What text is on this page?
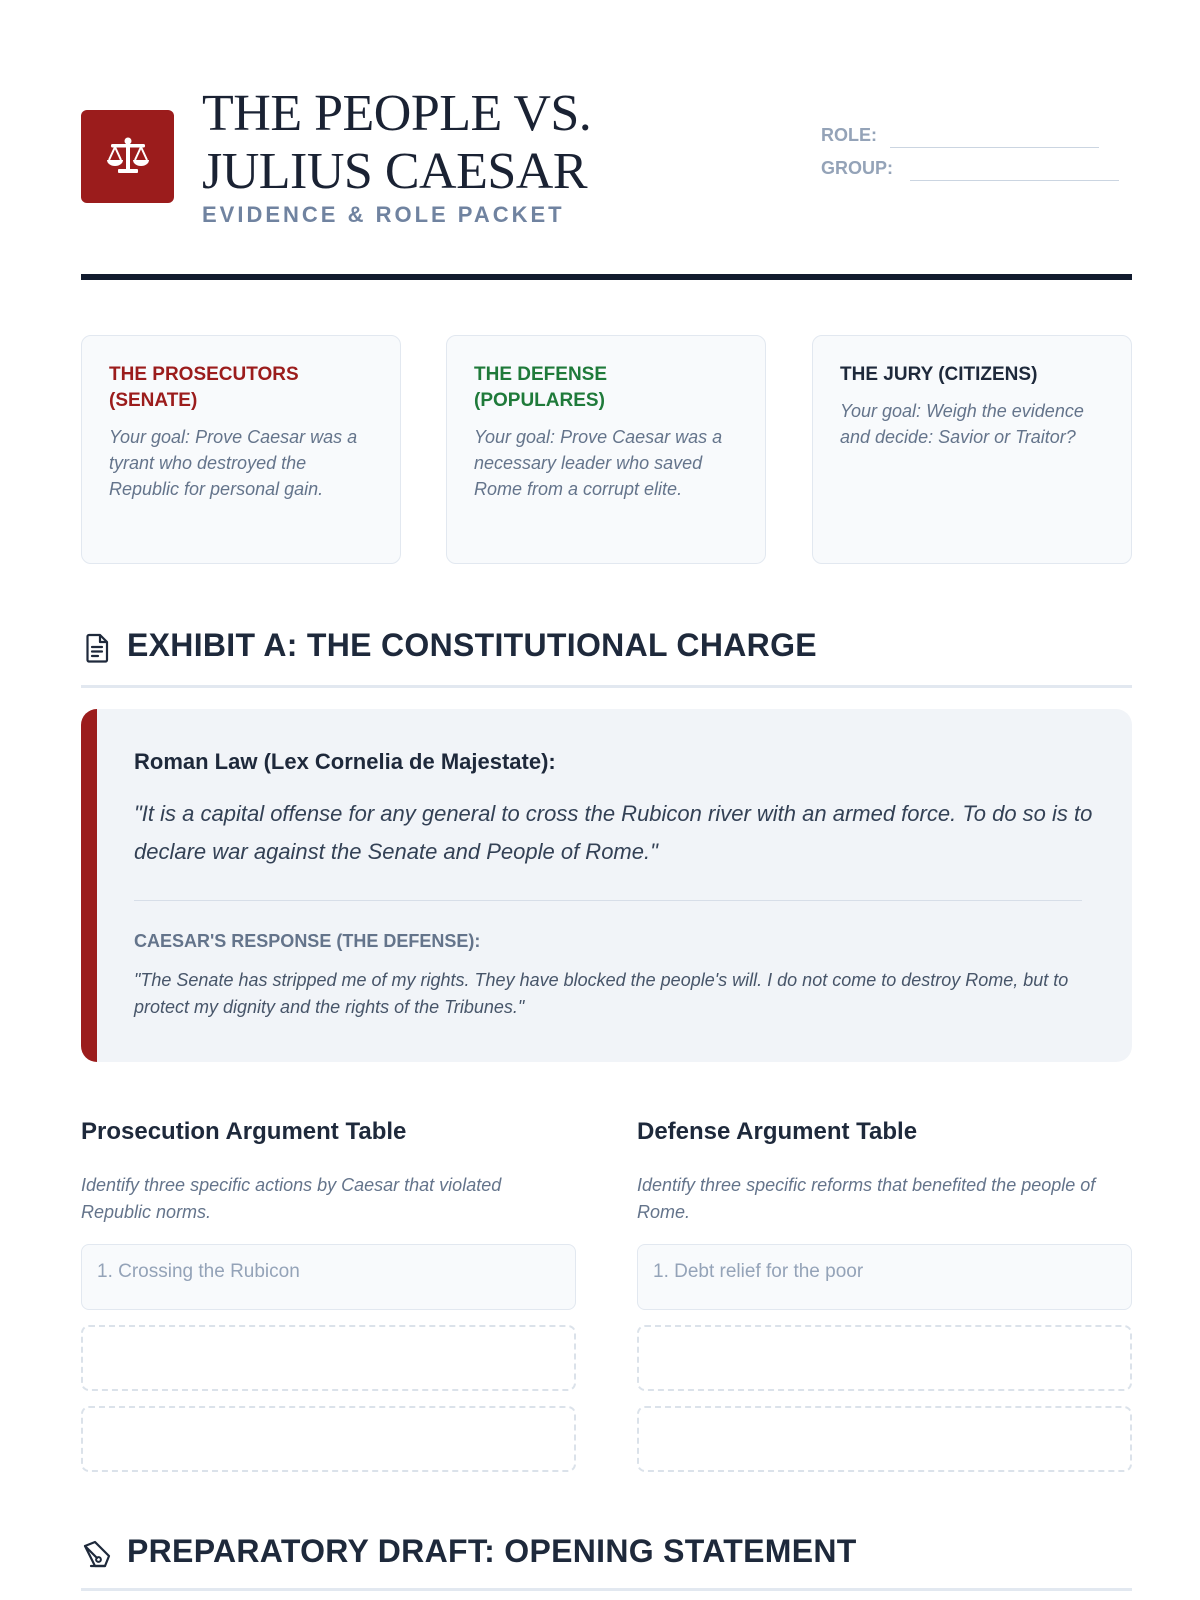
THE PEOPLE VS. JULIUS CAESAR
EVIDENCE & ROLE PACKET
ROLE:
GROUP:
THE PROSECUTORS (SENATE)
Your goal: Prove Caesar was a tyrant who destroyed the Republic for personal gain.
THE DEFENSE (POPULARES)
Your goal: Prove Caesar was a necessary leader who saved Rome from a corrupt elite.
THE JURY (CITIZENS)
Your goal: Weigh the evidence and decide: Savior or Traitor?
EXHIBIT A: THE CONSTITUTIONAL CHARGE
Roman Law (Lex Cornelia de Majestate):
"It is a capital offense for any general to cross the Rubicon river with an armed force. To do so is to declare war against the Senate and People of Rome."
CAESAR'S RESPONSE (THE DEFENSE):
"The Senate has stripped me of my rights. They have blocked the people's will. I do not come to destroy Rome, but to protect my dignity and the rights of the Tribunes."
Prosecution Argument Table
Identify three specific actions by Caesar that violated Republic norms.
1. Crossing the Rubicon
Defense Argument Table
Identify three specific reforms that benefited the people of Rome.
1. Debt relief for the poor
PREPARATORY DRAFT: OPENING STATEMENT
